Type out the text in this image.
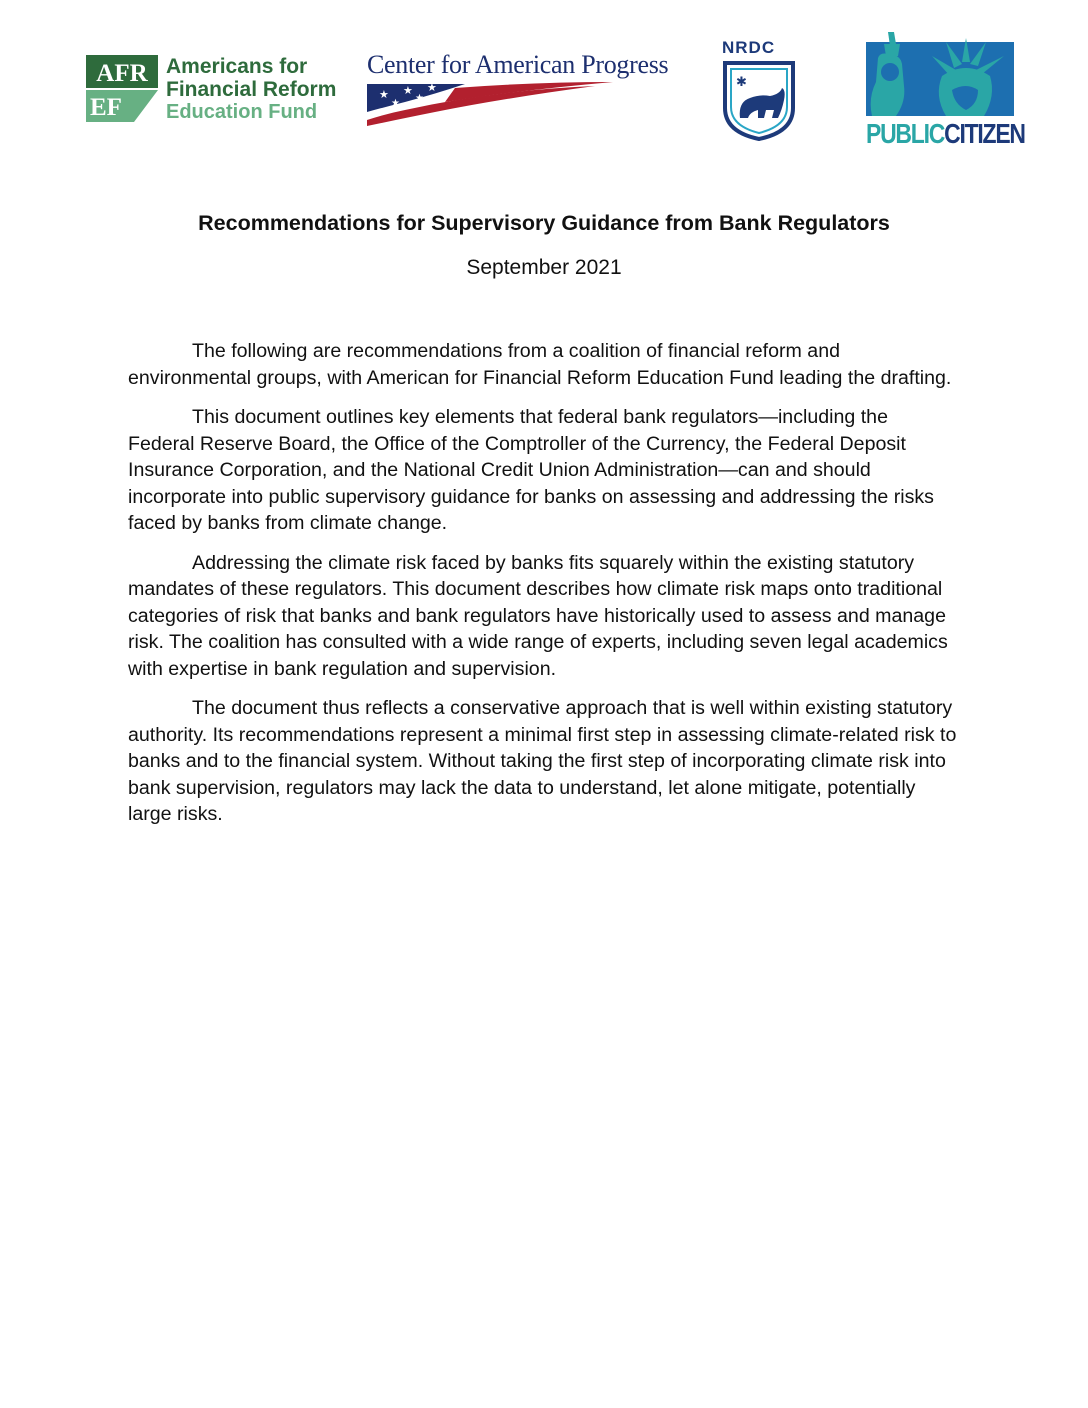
AFR
EF
Americans for
Financial Reform
Education Fund
Center for American Progress
★ ★ ★
★ ★
NRDC
✱
PUBLICCITIZEN
Recommendations for Supervisory Guidance from Bank Regulators
September 2021

The following are recommendations from a coalition of financial reform and environmental groups, with American for Financial Reform Education Fund leading the drafting.

This document outlines key elements that federal bank regulators—including the Federal Reserve Board, the Office of the Comptroller of the Currency, the Federal Deposit Insurance Corporation, and the National Credit Union Administration—can and should incorporate into public supervisory guidance for banks on assessing and addressing the risks faced by banks from climate change.

Addressing the climate risk faced by banks fits squarely within the existing statutory mandates of these regulators. This document describes how climate risk maps onto traditional categories of risk that banks and bank regulators have historically used to assess and manage risk. The coalition has consulted with a wide range of experts, including seven legal academics with expertise in bank regulation and supervision.

The document thus reflects a conservative approach that is well within existing statutory authority. Its recommendations represent a minimal first step in assessing climate-related risk to banks and to the financial system. Without taking the first step of incorporating climate risk into bank supervision, regulators may lack the data to understand, let alone mitigate, potentially large risks.
